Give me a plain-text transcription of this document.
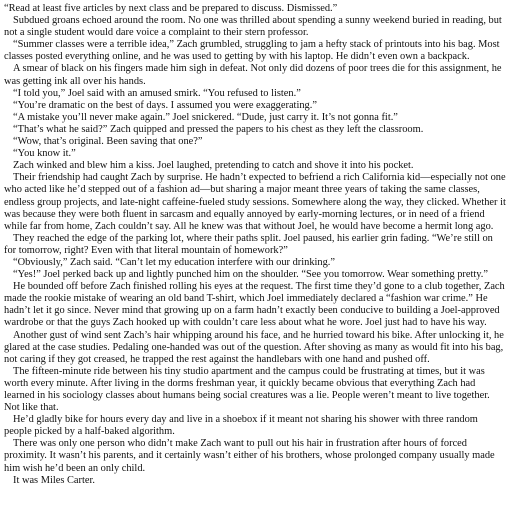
“Read at least five articles by next class and be prepared to discuss. Dismissed.”

Subdued groans echoed around the room. No one was thrilled about spending a sunny weekend buried in reading, but not a single student would dare voice a complaint to their stern professor.

“Summer classes were a terrible idea,” Zach grumbled, struggling to jam a hefty stack of printouts into his bag. Most classes posted everything online, and he was used to getting by with his laptop. He didn’t even own a backpack.

A smear of black on his fingers made him sigh in defeat. Not only did dozens of poor trees die for this assignment, he was getting ink all over his hands.

“I told you,” Joel said with an amused smirk. “You refused to listen.”

“You’re dramatic on the best of days. I assumed you were exaggerating.”

“A mistake you’ll never make again.” Joel snickered. “Dude, just carry it. It’s not gonna fit.”

“That’s what he said?” Zach quipped and pressed the papers to his chest as they left the classroom.

“Wow, that’s original. Been saving that one?”

“You know it.”

Zach winked and blew him a kiss. Joel laughed, pretending to catch and shove it into his pocket.

Their friendship had caught Zach by surprise. He hadn’t expected to befriend a rich California kid—especially not one who acted like he’d stepped out of a fashion ad—but sharing a major meant three years of taking the same classes, endless group projects, and late-night caffeine-fueled study sessions. Somewhere along the way, they clicked. Whether it was because they were both fluent in sarcasm and equally annoyed by early-morning lectures, or in need of a friend while far from home, Zach couldn’t say. All he knew was that without Joel, he would have become a hermit long ago.

They reached the edge of the parking lot, where their paths split. Joel paused, his earlier grin fading. “We’re still on for tomorrow, right? Even with that literal mountain of homework?”

“Obviously,” Zach said. “Can’t let my education interfere with our drinking.”

“Yes!” Joel perked back up and lightly punched him on the shoulder. “See you tomorrow. Wear something pretty.”

He bounded off before Zach finished rolling his eyes at the request. The first time they’d gone to a club together, Zach made the rookie mistake of wearing an old band T-shirt, which Joel immediately declared a “fashion war crime.” He hadn’t let it go since. Never mind that growing up on a farm hadn’t exactly been conducive to building a Joel-approved wardrobe or that the guys Zach hooked up with couldn’t care less about what he wore. Joel just had to have his way.

Another gust of wind sent Zach’s hair whipping around his face, and he hurried toward his bike. After unlocking it, he glared at the case studies. Pedaling one-handed was out of the question. After shoving as many as would fit into his bag, not caring if they got creased, he trapped the rest against the handlebars with one hand and pushed off.

The fifteen-minute ride between his tiny studio apartment and the campus could be frustrating at times, but it was worth every minute. After living in the dorms freshman year, it quickly became obvious that everything Zach had learned in his sociology classes about humans being social creatures was a lie. People weren’t meant to live together. Not like that.

He’d gladly bike for hours every day and live in a shoebox if it meant not sharing his shower with three random people picked by a half-baked algorithm.

There was only one person who didn’t make Zach want to pull out his hair in frustration after hours of forced proximity. It wasn’t his parents, and it certainly wasn’t either of his brothers, whose prolonged company usually made him wish he’d been an only child.

It was Miles Carter.
